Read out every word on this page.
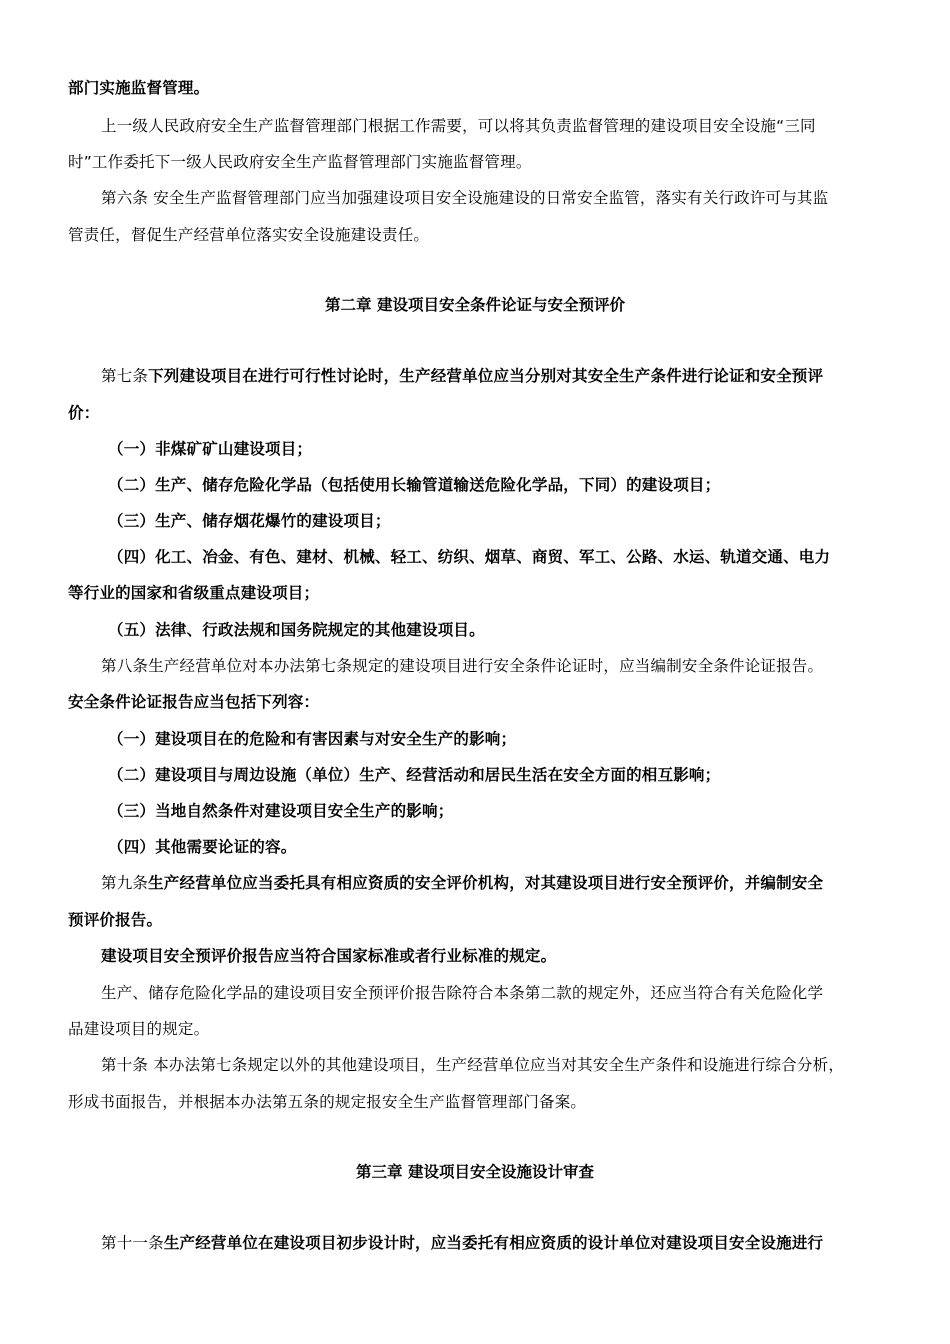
部门实施监督管理。
上一级人民政府安全生产监督管理部门根据工作需要，可以将其负责监督管理的建设项目安全设施“三同
时”工作委托下一级人民政府安全生产监督管理部门实施监督管理。
第六条 安全生产监督管理部门应当加强建设项目安全设施建设的日常安全监管，落实有关行政许可与其监
管责任，督促生产经营单位落实安全设施建设责任。
第二章 建设项目安全条件论证与安全预评价
第七条下列建设项目在进行可行性讨论时，生产经营单位应当分别对其安全生产条件进行论证和安全预评
价：
（一）非煤矿矿山建设项目；
（二）生产、储存危险化学品（包括使用长输管道输送危险化学品，下同）的建设项目；
（三）生产、储存烟花爆竹的建设项目；
（四）化工、冶金、有色、建材、机械、轻工、纺织、烟草、商贸、军工、公路、水运、轨道交通、电力
等行业的国家和省级重点建设项目；
（五）法律、行政法规和国务院规定的其他建设项目。
第八条生产经营单位对本办法第七条规定的建设项目进行安全条件论证时，应当编制安全条件论证报告。
安全条件论证报告应当包括下列容：
（一）建设项目在的危险和有害因素与对安全生产的影响；
（二）建设项目与周边设施（单位）生产、经营活动和居民生活在安全方面的相互影响；
（三）当地自然条件对建设项目安全生产的影响；
（四）其他需要论证的容。
第九条生产经营单位应当委托具有相应资质的安全评价机构，对其建设项目进行安全预评价，并编制安全
预评价报告。
建设项目安全预评价报告应当符合国家标准或者行业标准的规定。
生产、储存危险化学品的建设项目安全预评价报告除符合本条第二款的规定外，还应当符合有关危险化学
品建设项目的规定。
第十条 本办法第七条规定以外的其他建设项目，生产经营单位应当对其安全生产条件和设施进行综合分析，
形成书面报告，并根据本办法第五条的规定报安全生产监督管理部门备案。
第三章 建设项目安全设施设计审查
第十一条生产经营单位在建设项目初步设计时，应当委托有相应资质的设计单位对建设项目安全设施进行
